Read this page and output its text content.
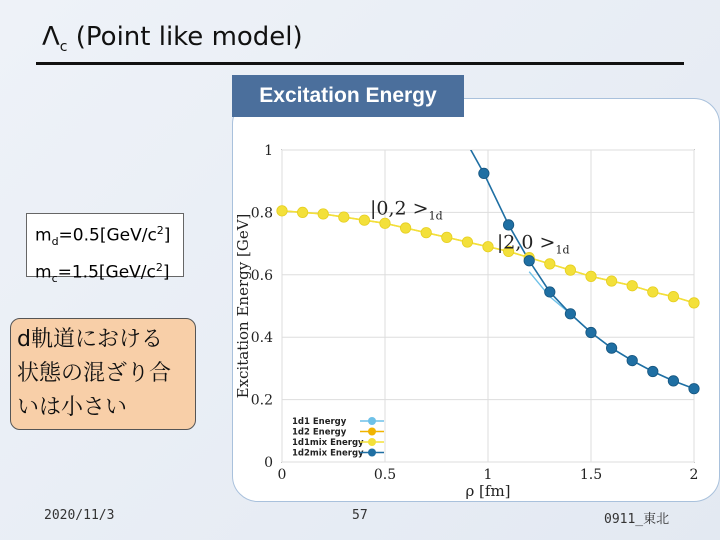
$\Lambda_c$ (Point like model)
Excitation Energy
0	0.5	1	1.5	2
0
0.2
0.4
0.6
0.8
1
ρ [fm]
Excitation Energy [GeV]
$|0,2 >_{1d}$
$|2,0 >_{1d}$
1d1 Energy
1d2 Energy
1d1mix Energy
1d2mix Energy
$m_d=0.5[GeV/c^2]$
$m_c=1.5[GeV/c^2]$
d軌道における
状態の混ざり合
いは小さい
2020/11/3	57	0911_東北
